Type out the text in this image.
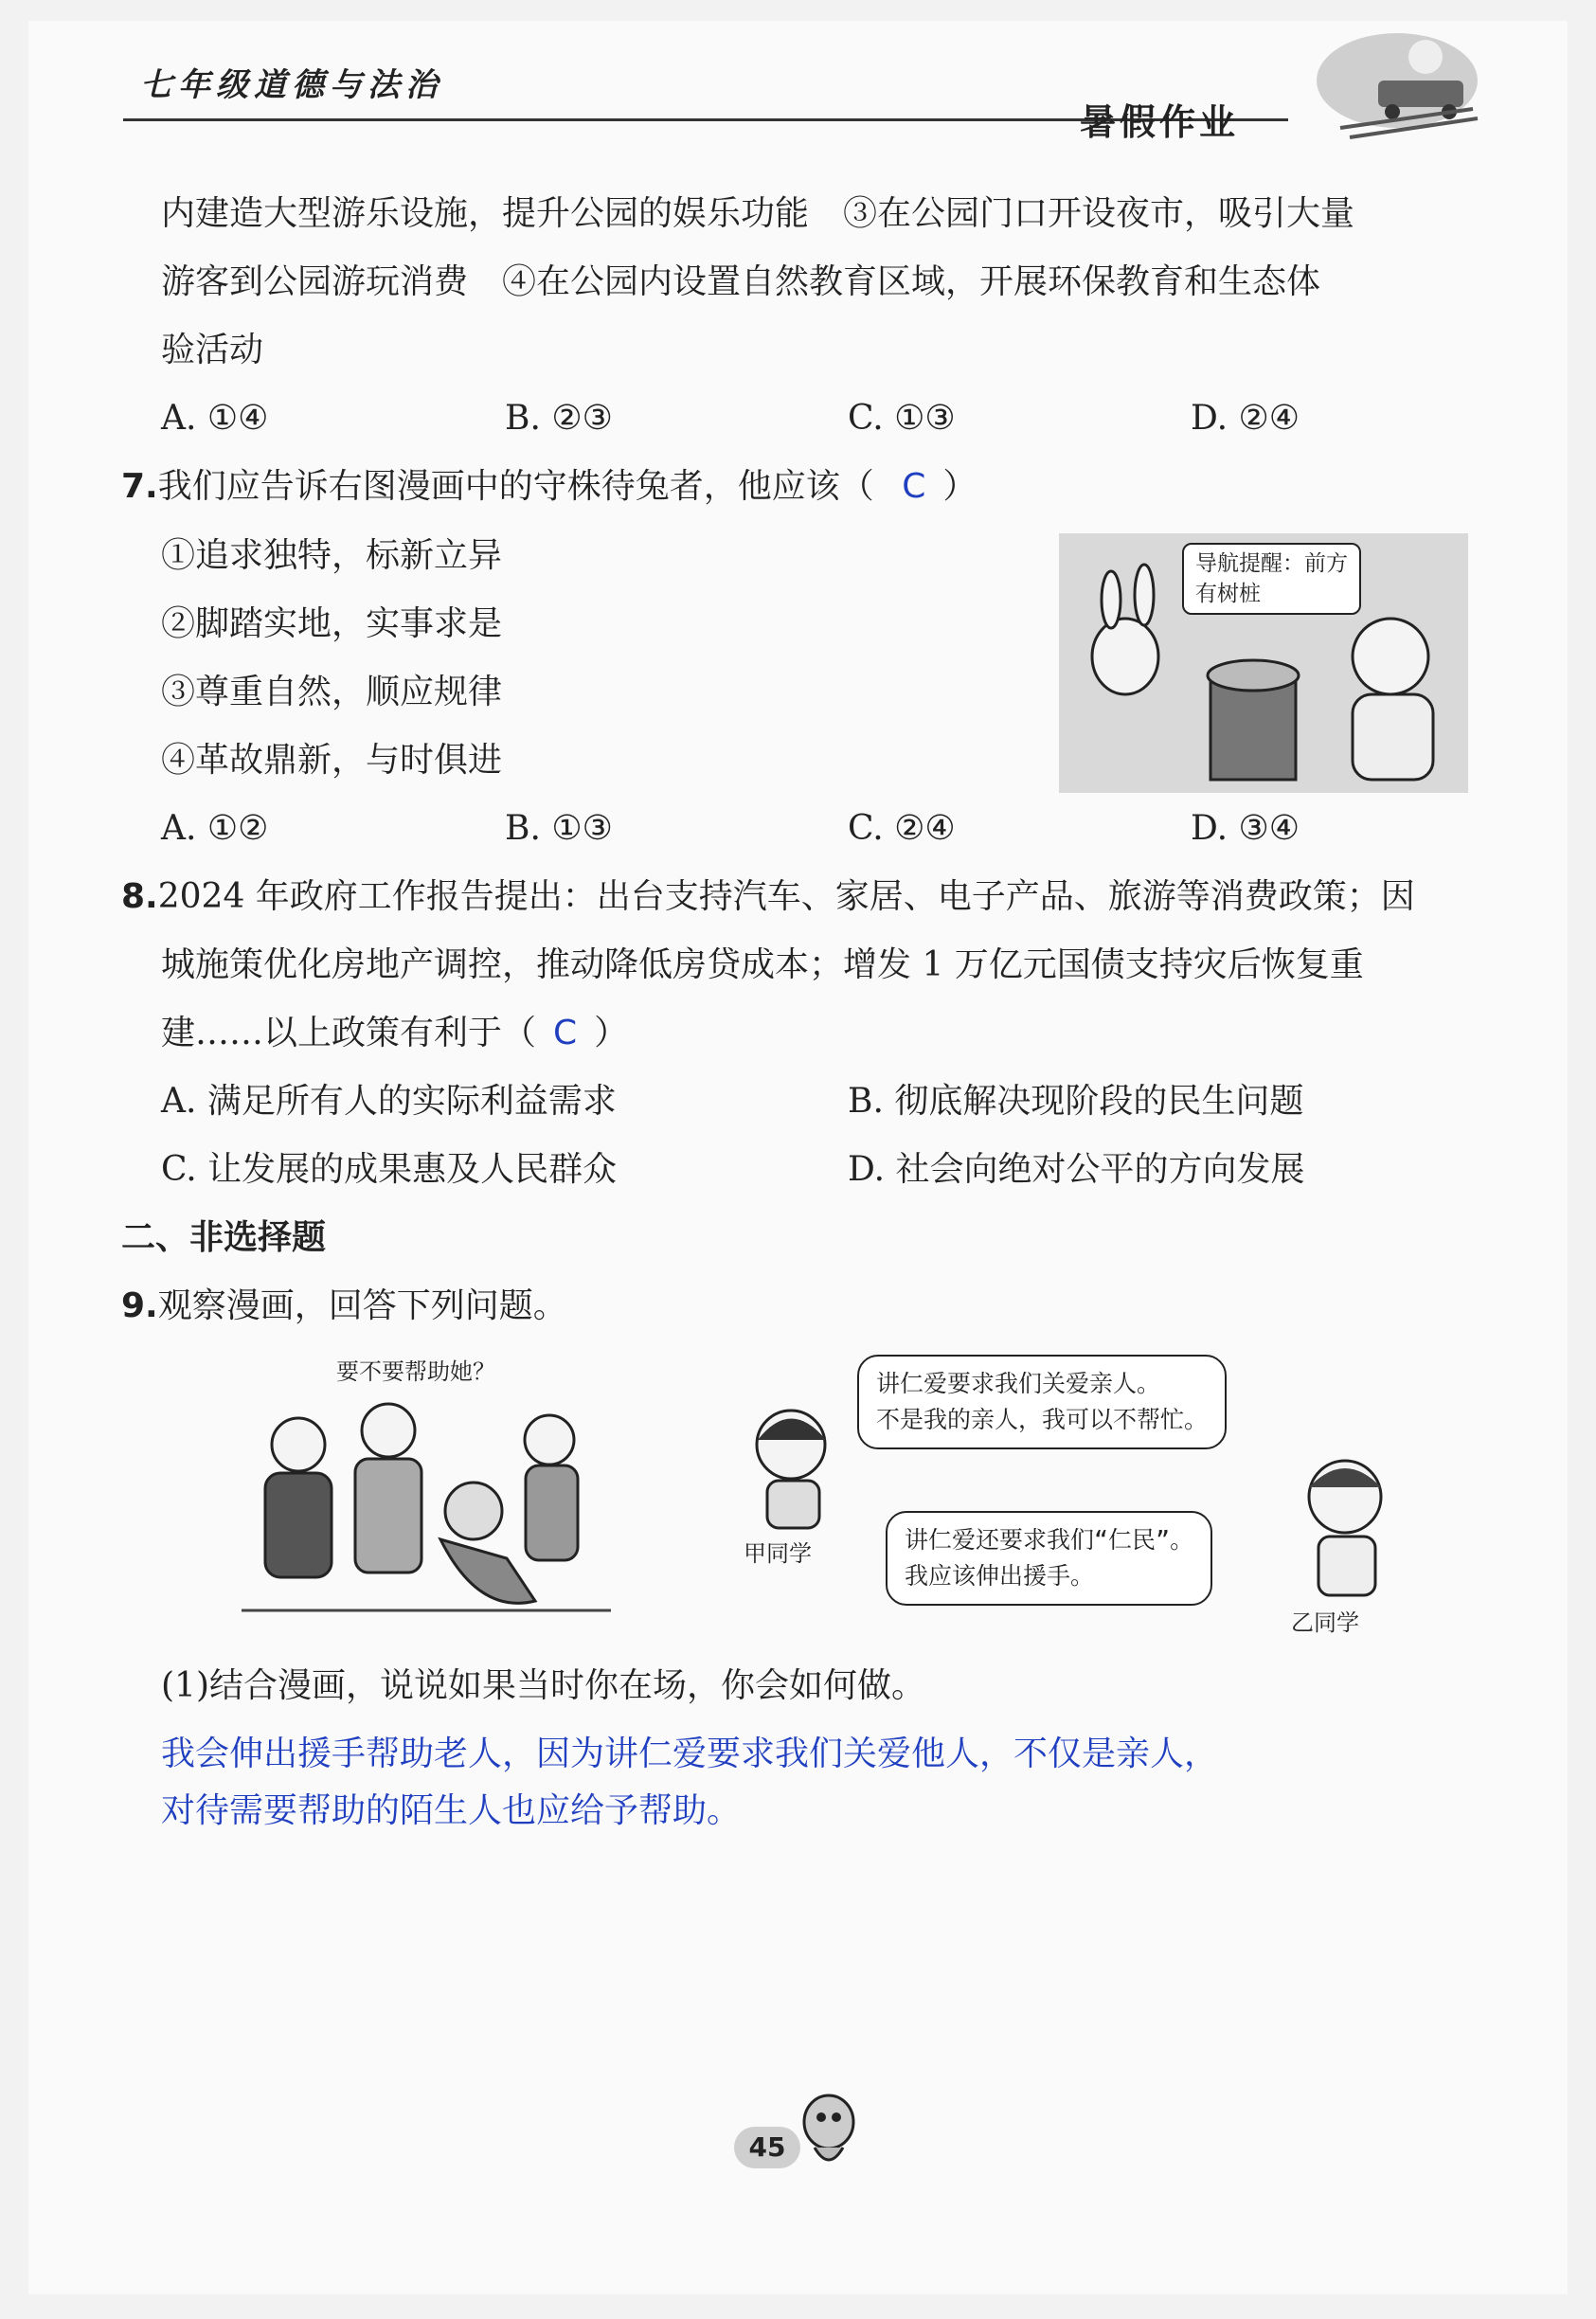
七年级道德与法治
暑假作业
内建造大型游乐设施，提升公园的娱乐功能　③在公园门口开设夜市，吸引大量
游客到公园游玩消费　④在公园内设置自然教育区域，开展环保教育和生态体
验活动
A. ①④	B. ②③	C. ①③	D. ②④
7.我们应告诉右图漫画中的守株待兔者，他应该（ C ）
①追求独特，标新立异
②脚踏实地，实事求是
③尊重自然，顺应规律
④革故鼎新，与时俱进
A. ①②	B. ①③	C. ②④	D. ③④
导航提醒：前方
有树桩
8.2024 年政府工作报告提出：出台支持汽车、家居、电子产品、旅游等消费政策；因
城施策优化房地产调控，推动降低房贷成本；增发 1 万亿元国债支持灾后恢复重
建……以上政策有利于（ C ）
A. 满足所有人的实际利益需求	B. 彻底解决现阶段的民生问题
C. 让发展的成果惠及人民群众	D. 社会向绝对公平的方向发展
二、非选择题
9.观察漫画，回答下列问题。
要不要帮助她？	讲仁爱要求我们关爱亲人。
不是我的亲人，我可以不帮忙。
甲同学	讲仁爱还要求我们“仁民”。
我应该伸出援手。
乙同学
(1)结合漫画，说说如果当时你在场，你会如何做。
我会伸出援手帮助老人，因为讲仁爱要求我们关爱他人，不仅是亲人，
对待需要帮助的陌生人也应给予帮助。
45
